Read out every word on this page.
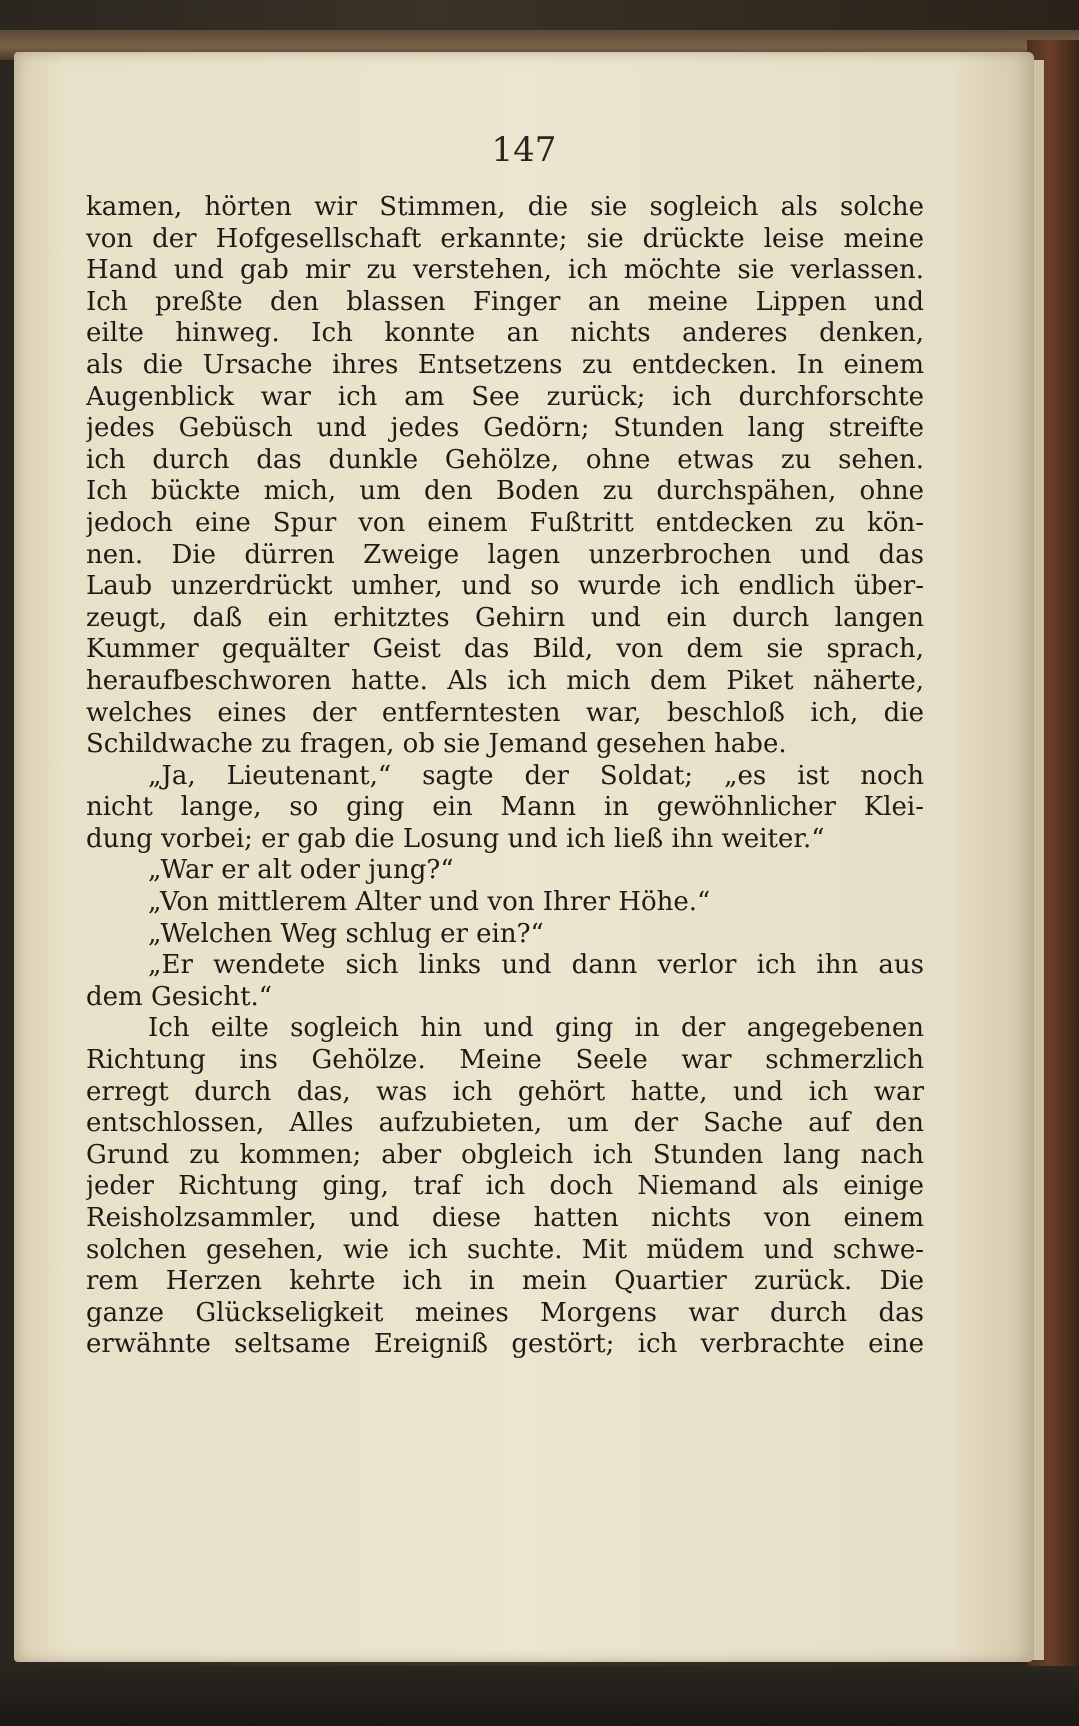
147
kamen, hörten wir Stimmen, die sie sogleich als solche
von der Hofgesellschaft erkannte; sie drückte leise meine
Hand und gab mir zu verstehen, ich möchte sie verlassen.
Ich preßte den blassen Finger an meine Lippen und
eilte hinweg. Ich konnte an nichts anderes denken,
als die Ursache ihres Entsetzens zu entdecken. In einem
Augenblick war ich am See zurück; ich durchforschte
jedes Gebüsch und jedes Gedörn; Stunden lang streifte
ich durch das dunkle Gehölze, ohne etwas zu sehen.
Ich bückte mich, um den Boden zu durchspähen, ohne
jedoch eine Spur von einem Fußtritt entdecken zu kön-
nen. Die dürren Zweige lagen unzerbrochen und das
Laub unzerdrückt umher, und so wurde ich endlich über-
zeugt, daß ein erhitztes Gehirn und ein durch langen
Kummer gequälter Geist das Bild, von dem sie sprach,
heraufbeschworen hatte. Als ich mich dem Piket näherte,
welches eines der entferntesten war, beschloß ich, die
Schildwache zu fragen, ob sie Jemand gesehen habe.
„Ja, Lieutenant,“ sagte der Soldat; „es ist noch
nicht lange, so ging ein Mann in gewöhnlicher Klei-
dung vorbei; er gab die Losung und ich ließ ihn weiter.“
„War er alt oder jung?“
„Von mittlerem Alter und von Ihrer Höhe.“
„Welchen Weg schlug er ein?“
„Er wendete sich links und dann verlor ich ihn aus
dem Gesicht.“
Ich eilte sogleich hin und ging in der angegebenen
Richtung ins Gehölze. Meine Seele war schmerzlich
erregt durch das, was ich gehört hatte, und ich war
entschlossen, Alles aufzubieten, um der Sache auf den
Grund zu kommen; aber obgleich ich Stunden lang nach
jeder Richtung ging, traf ich doch Niemand als einige
Reisholzsammler, und diese hatten nichts von einem
solchen gesehen, wie ich suchte. Mit müdem und schwe-
rem Herzen kehrte ich in mein Quartier zurück. Die
ganze Glückseligkeit meines Morgens war durch das
erwähnte seltsame Ereigniß gestört; ich verbrachte eine
